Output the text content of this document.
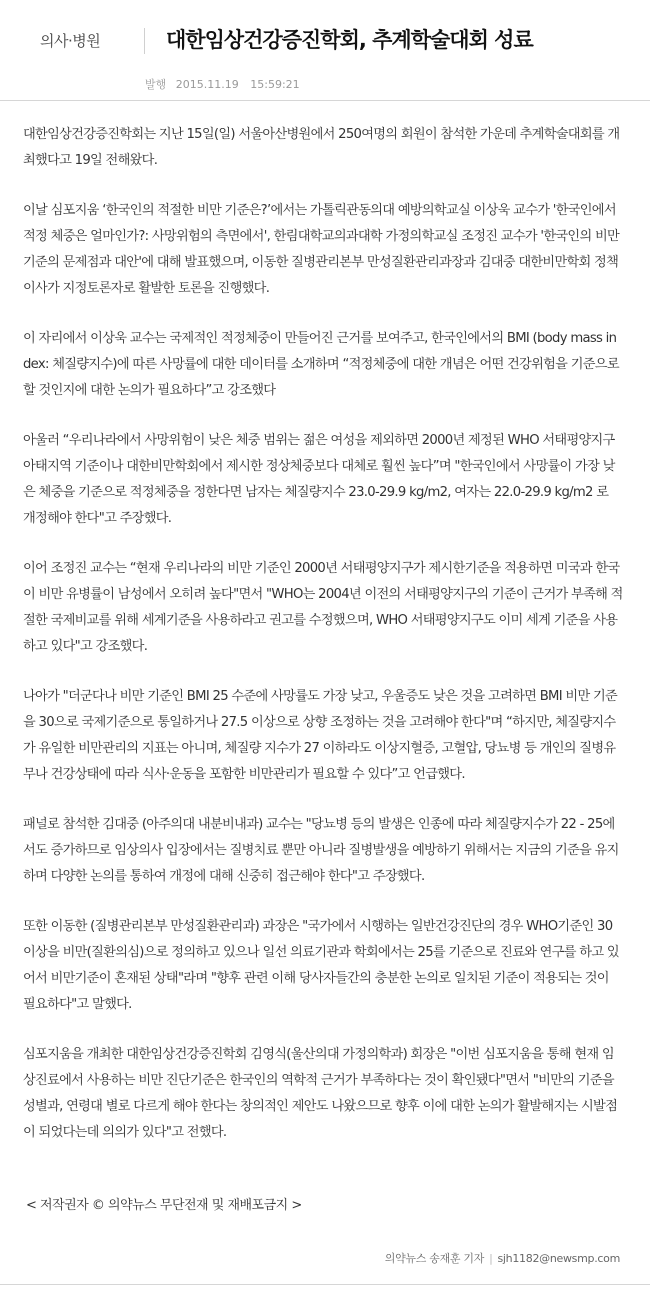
의사·병원	대한임상건강증진학회, 추계학술대회 성료
발행 2015.11.19 15:59:21

대한임상건강증진학회는 지난 15일(일) 서울아산병원에서 250여명의 회원이 참석한 가운데 추계학술대회를 개최했다고 19일 전해왔다.

이날 심포지움 ‘한국인의 적절한 비만 기준은?’에서는 가톨릭관동의대 예방의학교실 이상욱 교수가 '한국인에서 적정 체중은 얼마인가?: 사망위험의 측면에서', 한림대학교의과대학 가정의학교실 조정진 교수가 '한국인의 비만기준의 문제점과 대안'에 대해 발표했으며, 이동한 질병관리본부 만성질환관리과장과 김대중 대한비만학회 정책이사가 지정토론자로 활발한 토론을 진행했다.

이 자리에서 이상욱 교수는 국제적인 적정체중이 만들어진 근거를 보여주고, 한국인에서의 BMI (body mass index: 체질량지수)에 따른 사망률에 대한 데이터를 소개하며 “적정체중에 대한 개념은 어떤 건강위험을 기준으로 할 것인지에 대한 논의가 필요하다”고 강조했다

아울러 “우리나라에서 사망위험이 낮은 체중 범위는 젊은 여성을 제외하면 2000년 제정된 WHO 서태평양지구 아태지역 기준이나 대한비만학회에서 제시한 정상체중보다 대체로 훨씬 높다”며 "한국인에서 사망률이 가장 낮은 체중을 기준으로 적정체중을 정한다면 남자는 체질량지수 23.0-29.9 kg/m2, 여자는 22.0-29.9 kg/m2 로 개정해야 한다"고 주장했다.

이어 조정진 교수는 “현재 우리나라의 비만 기준인 2000년 서태평양지구가 제시한기준을 적용하면 미국과 한국이 비만 유병률이 남성에서 오히려 높다"면서 "WHO는 2004년 이전의 서태평양지구의 기준이 근거가 부족해 적절한 국제비교를 위해 세계기준을 사용하라고 권고를 수정했으며, WHO 서태평양지구도 이미 세계 기준을 사용하고 있다"고 강조했다.

나아가 "더군다나 비만 기준인 BMI 25 수준에 사망률도 가장 낮고, 우울증도 낮은 것을 고려하면 BMI 비만 기준을 30으로 국제기준으로 통일하거나 27.5 이상으로 상향 조정하는 것을 고려해야 한다"며 “하지만, 체질량지수가 유일한 비만관리의 지표는 아니며, 체질량 지수가 27 이하라도 이상지혈증, 고혈압, 당뇨병 등 개인의 질병유무나 건강상태에 따라 식사·운동을 포함한 비만관리가 필요할 수 있다”고 언급했다.

패널로 참석한 김대중 (아주의대 내분비내과) 교수는 "당뇨병 등의 발생은 인종에 따라 체질량지수가 22 - 25에서도 증가하므로 임상의사 입장에서는 질병치료 뿐만 아니라 질병발생을 예방하기 위해서는 지금의 기준을 유지하며 다양한 논의를 통하여 개정에 대해 신중히 접근해야 한다"고 주장했다.

또한 이동한 (질병관리본부 만성질환관리과) 과장은 "국가에서 시행하는 일반건강진단의 경우 WHO기준인 30 이상을 비만(질환의심)으로 정의하고 있으나 일선 의료기관과 학회에서는 25를 기준으로 진료와 연구를 하고 있어서 비만기준이 혼재된 상태"라며 "향후 관련 이해 당사자들간의 충분한 논의로 일치된 기준이 적용되는 것이 필요하다"고 말했다.

심포지움을 개최한 대한임상건강증진학회 김영식(울산의대 가정의학과) 회장은 "이번 심포지움을 통해 현재 임상진료에서 사용하는 비만 진단기준은 한국인의 역학적 근거가 부족하다는 것이 확인됐다"면서 "비만의 기준을 성별과, 연령대 별로 다르게 해야 한다는 창의적인 제안도 나왔으므로 향후 이에 대한 논의가 활발해지는 시발점이 되었다는데 의의가 있다"고 전했다.

< 저작권자 © 의약뉴스 무단전재 및 재배포금지 >
의약뉴스 송재훈 기자 | sjh1182@newsmp.com
